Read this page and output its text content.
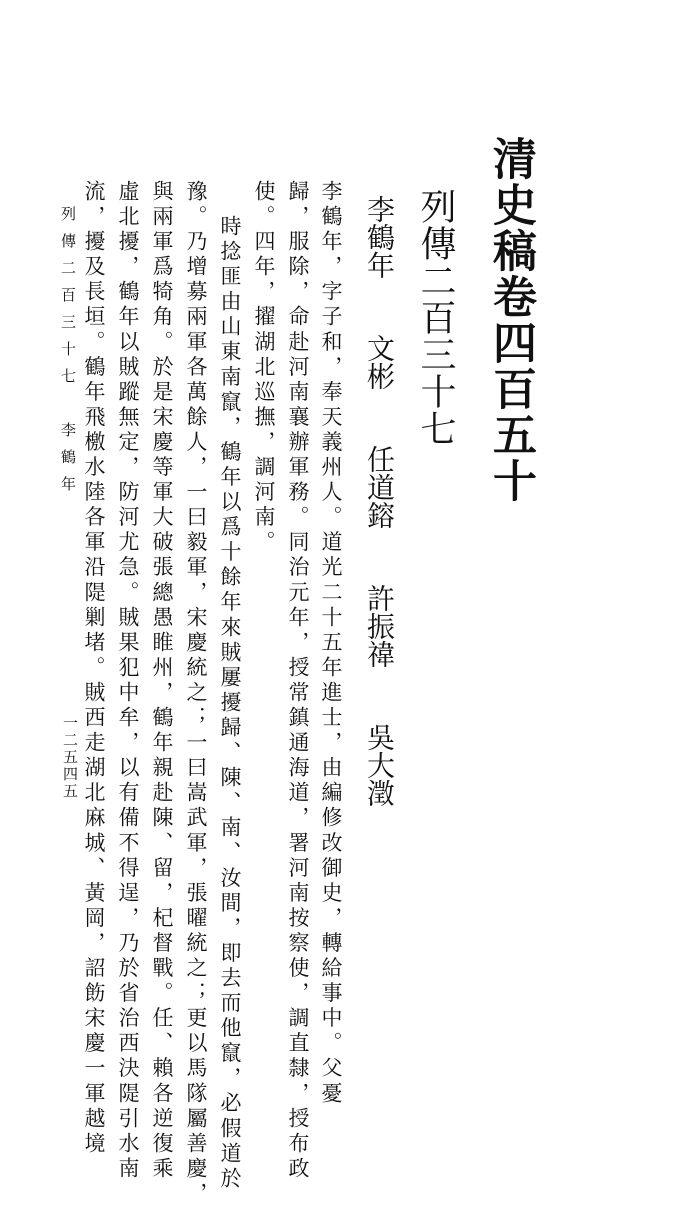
清史稿卷四百五十
列傳二百三十七
李鶴年 文彬 任道鎔 許振禕 吳大澂
李鶴年，字子和，奉天義州人。道光二十五年進士，由編修改御史，轉給事中。父憂
歸，服除，命赴河南襄辦軍務。同治元年，授常鎮通海道，署河南按察使，調直隸，授布政
使。四年，擢湖北巡撫，調河南。
時捻匪由山東南竄，鶴年以爲十餘年來賊屢擾歸、陳、南、汝間，即去而他竄，必假道於
豫。乃增募兩軍各萬餘人，一曰毅軍，宋慶統之；一曰嵩武軍，張曜統之；更以馬隊屬善慶，
與兩軍爲犄角。於是宋慶等軍大破張總愚睢州，鶴年親赴陳、留，杞督戰。任、賴各逆復乘
虛北擾，鶴年以賊蹤無定，防河尤急。賊果犯中牟，以有備不得逞，乃於省治西決隄引水南
流，擾及長垣。鶴年飛檄水陸各軍沿隄剿堵。賊西走湖北麻城、黃岡，詔飭宋慶一軍越境
列傳二百三十七　李鶴年
一二五四五
